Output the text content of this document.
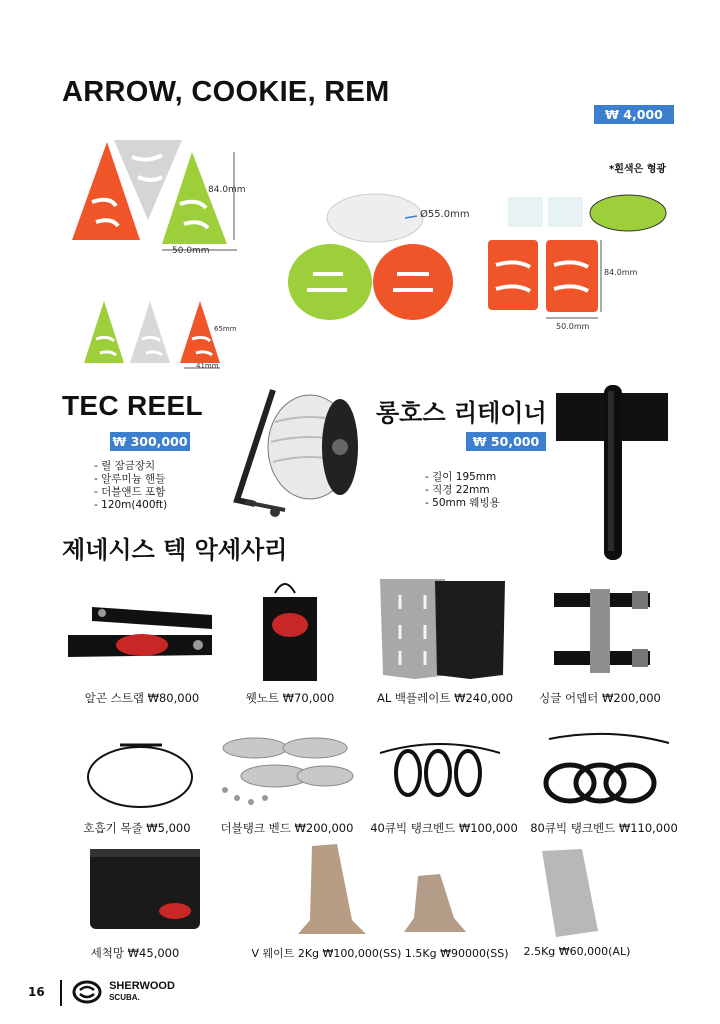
ARROW, COOKIE, REM
₩ 4,000
*흰색은 형광
84.0mm
50.0mm
Ø55.0mm
84.0mm
50.0mm
65mm
41mm
TEC REEL
₩ 300,000
- 릴 잠금장치
- 알루미늄 핸들
- 더블앤드 포함
- 120m(400ft)
롱호스 리테이너
₩ 50,000
- 길이 195mm
- 직경 22mm
- 50mm 웨빙용
제네시스 텍 악세사리
알곤 스트랩 ₩80,000	웻노트 ₩70,000	AL 백플레이트 ₩240,000	싱글 어뎁터 ₩200,000
호흡기 목줄 ₩5,000	더블탱크 벤드 ₩200,000	40큐빅 탱크벤드 ₩100,000	80큐빅 탱크벤드 ₩110,000
세척망 ₩45,000	V 웨이트 2Kg ₩100,000(SS) 1.5Kg ₩90000(SS)	2.5Kg ₩60,000(AL)
16
	SHERWOOD
SCUBA.
